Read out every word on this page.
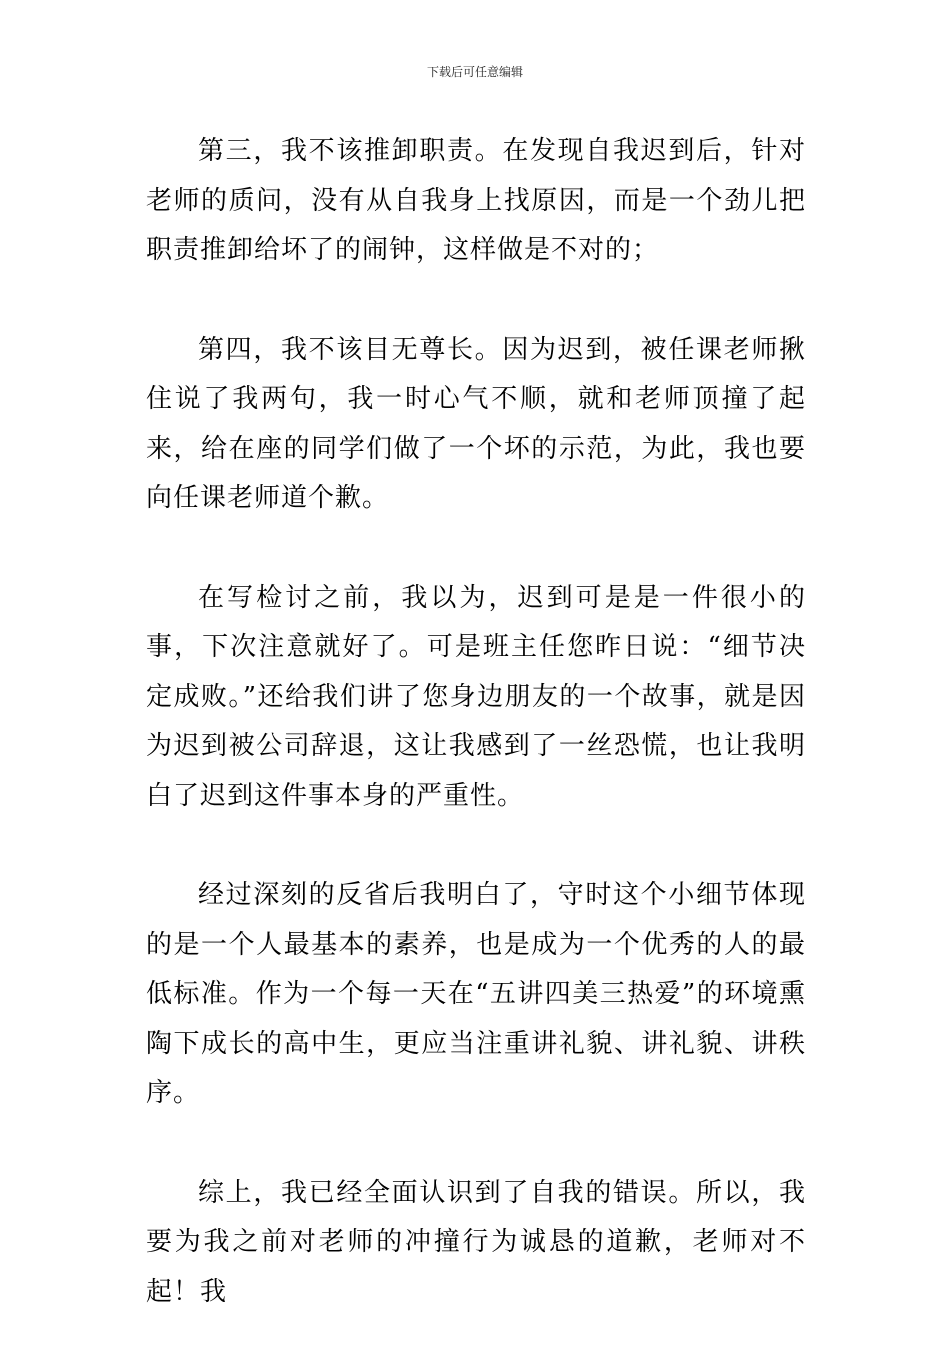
下载后可任意编辑

第三，我不该推卸职责。在发现自我迟到后，针对老师的质问，没有从自我身上找原因，而是一个劲儿把职责推卸给坏了的闹钟，这样做是不对的；

第四，我不该目无尊长。因为迟到，被任课老师揪住说了我两句，我一时心气不顺，就和老师顶撞了起来，给在座的同学们做了一个坏的示范，为此，我也要向任课老师道个歉。

在写检讨之前，我以为，迟到可是是一件很小的事，下次注意就好了。可是班主任您昨日说：“细节决定成败。”还给我们讲了您身边朋友的一个故事，就是因为迟到被公司辞退，这让我感到了一丝恐慌，也让我明白了迟到这件事本身的严重性。

经过深刻的反省后我明白了，守时这个小细节体现的是一个人最基本的素养，也是成为一个优秀的人的最低标准。作为一个每一天在“五讲四美三热爱”的环境熏陶下成长的高中生，更应当注重讲礼貌、讲礼貌、讲秩序。

综上，我已经全面认识到了自我的错误。所以，我要为我之前对老师的冲撞行为诚恳的道歉，老师对不起！我
